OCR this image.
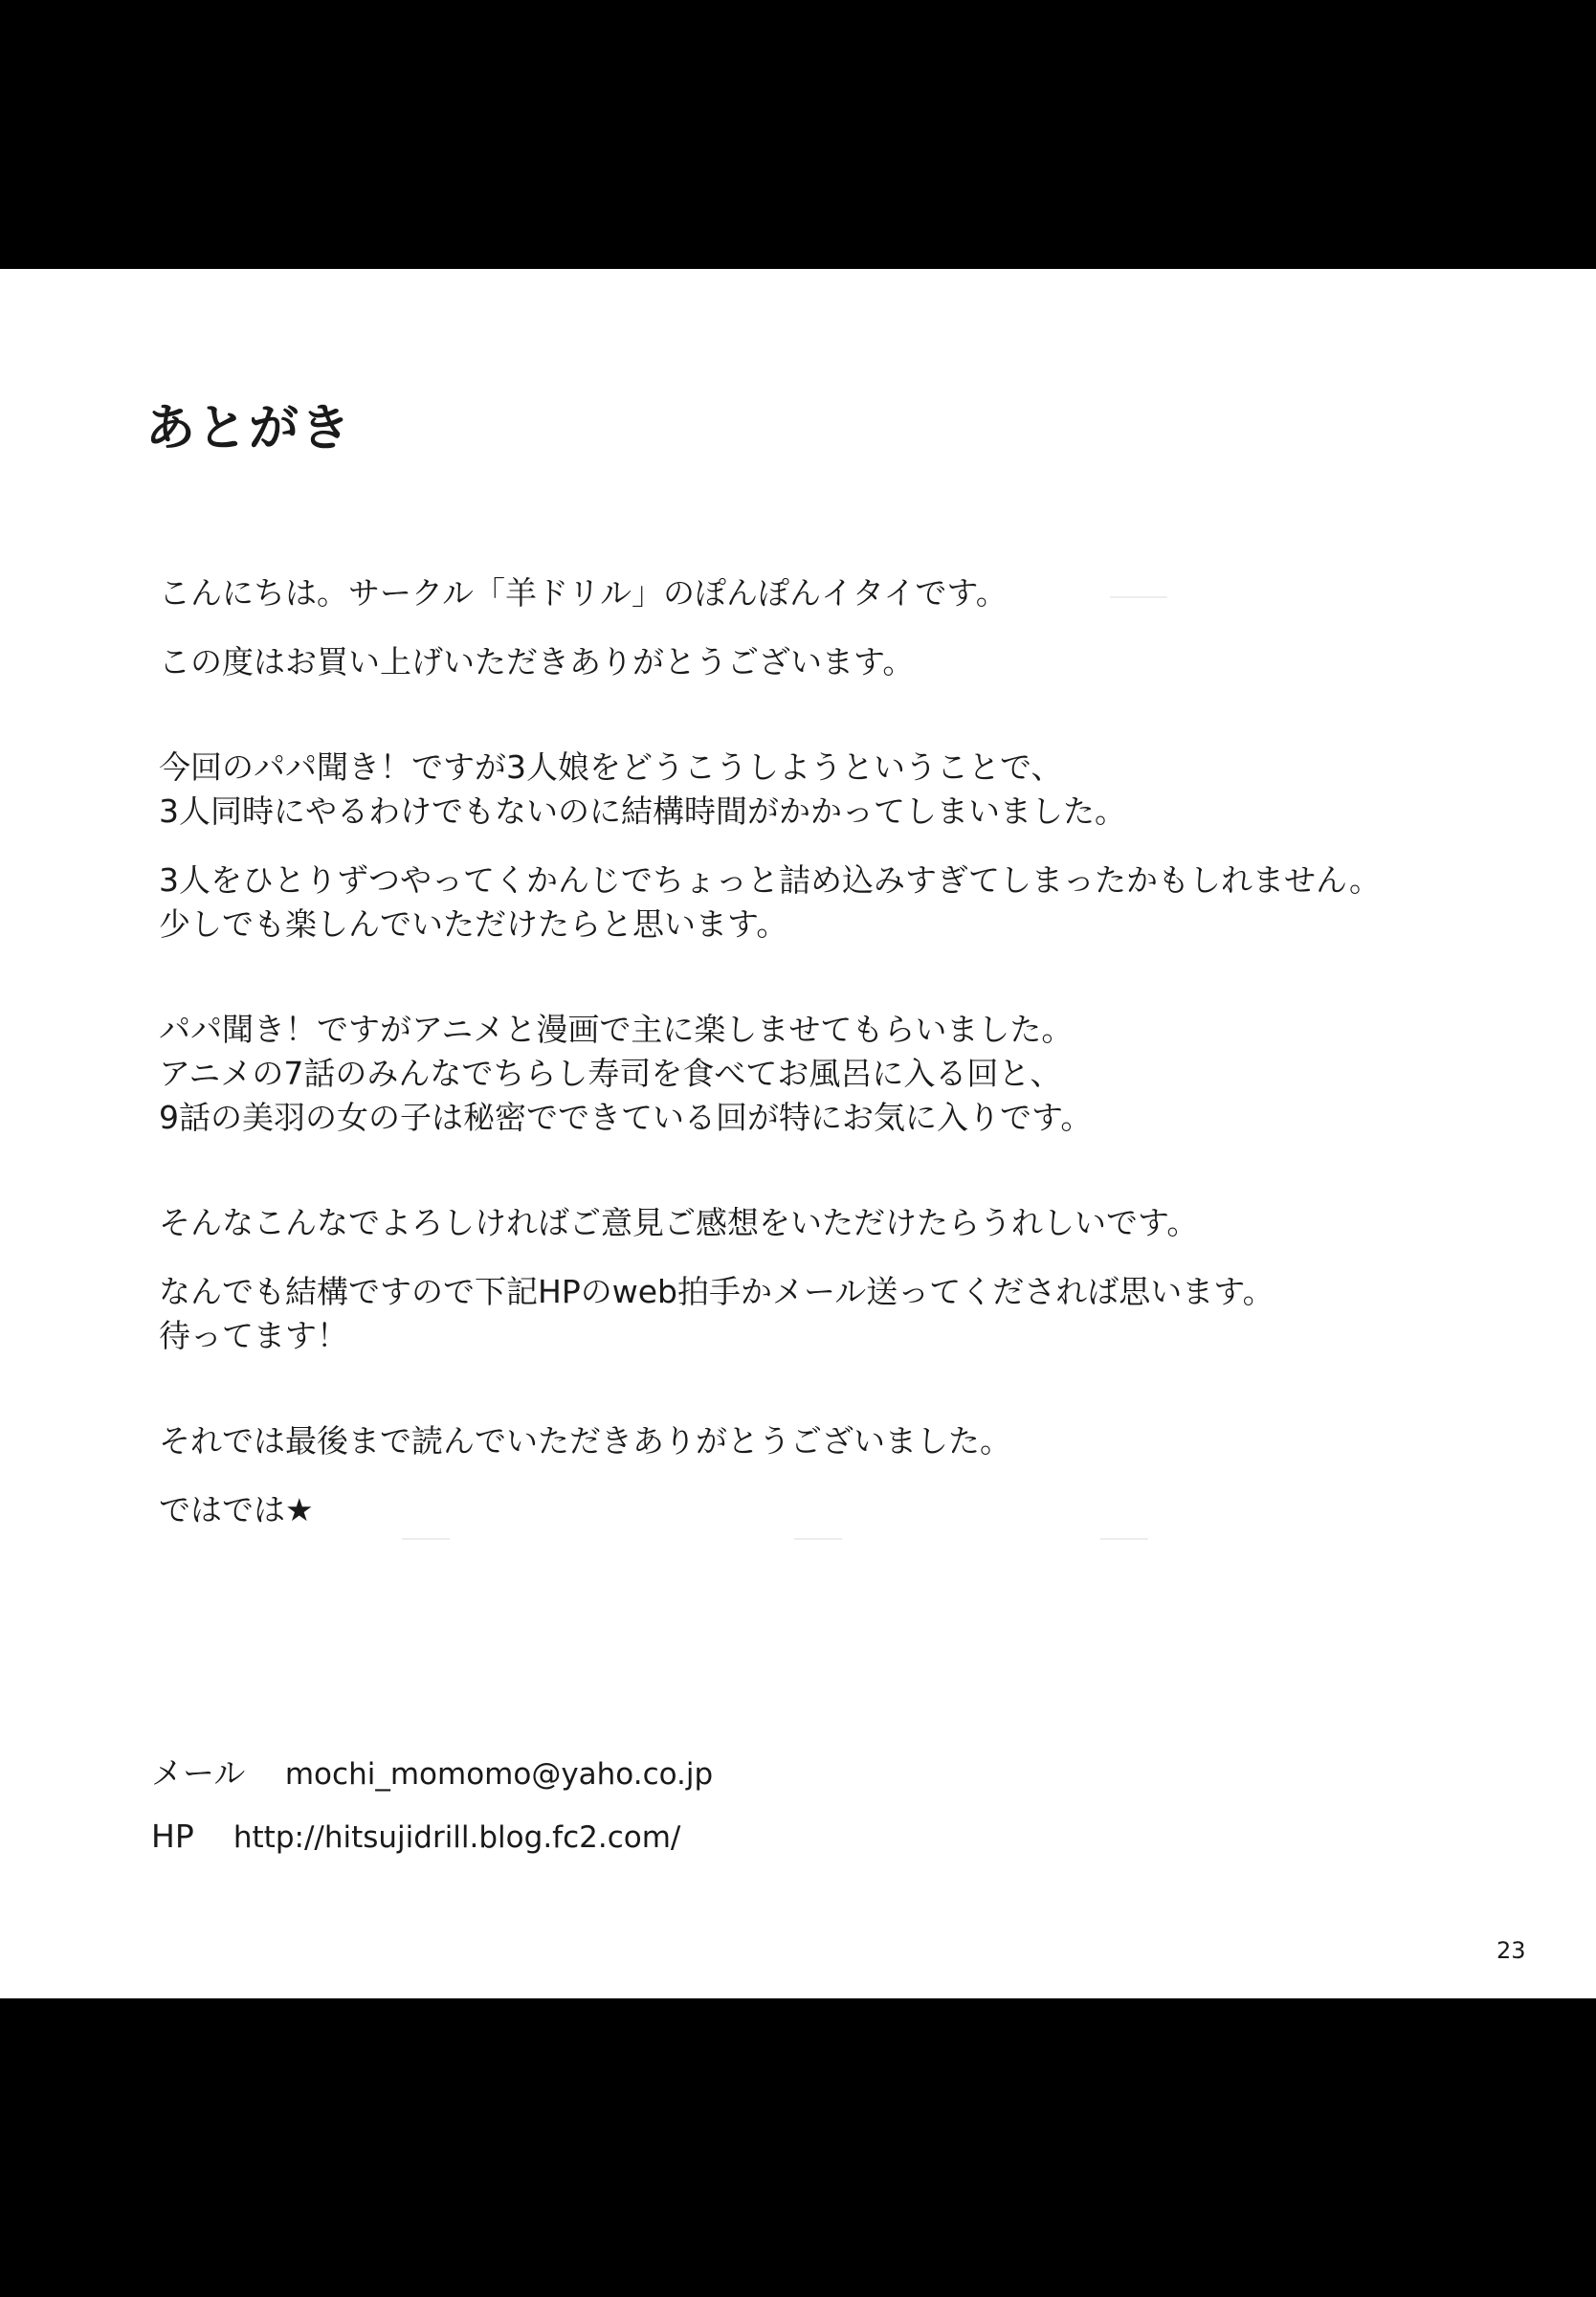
あとがき

こんにちは。サークル「羊ドリル」のぽんぽんイタイです。

この度はお買い上げいただきありがとうございます。

今回のパパ聞き！ですが3人娘をどうこうしようということで、
3人同時にやるわけでもないのに結構時間がかかってしまいました。

3人をひとりずつやってくかんじでちょっと詰め込みすぎてしまったかもしれません。
少しでも楽しんでいただけたらと思います。

パパ聞き！ですがアニメと漫画で主に楽しませてもらいました。
アニメの7話のみんなでちらし寿司を食べてお風呂に入る回と、
9話の美羽の女の子は秘密でできている回が特にお気に入りです。

そんなこんなでよろしければご意見ご感想をいただけたらうれしいです。

なんでも結構ですので下記HPのweb拍手かメール送ってくだされば思います。
待ってます！

それでは最後まで読んでいただきありがとうございました。

ではでは★

メール mochi_momomo@yaho.co.jp
HP http://hitsujidrill.blog.fc2.com/
23
